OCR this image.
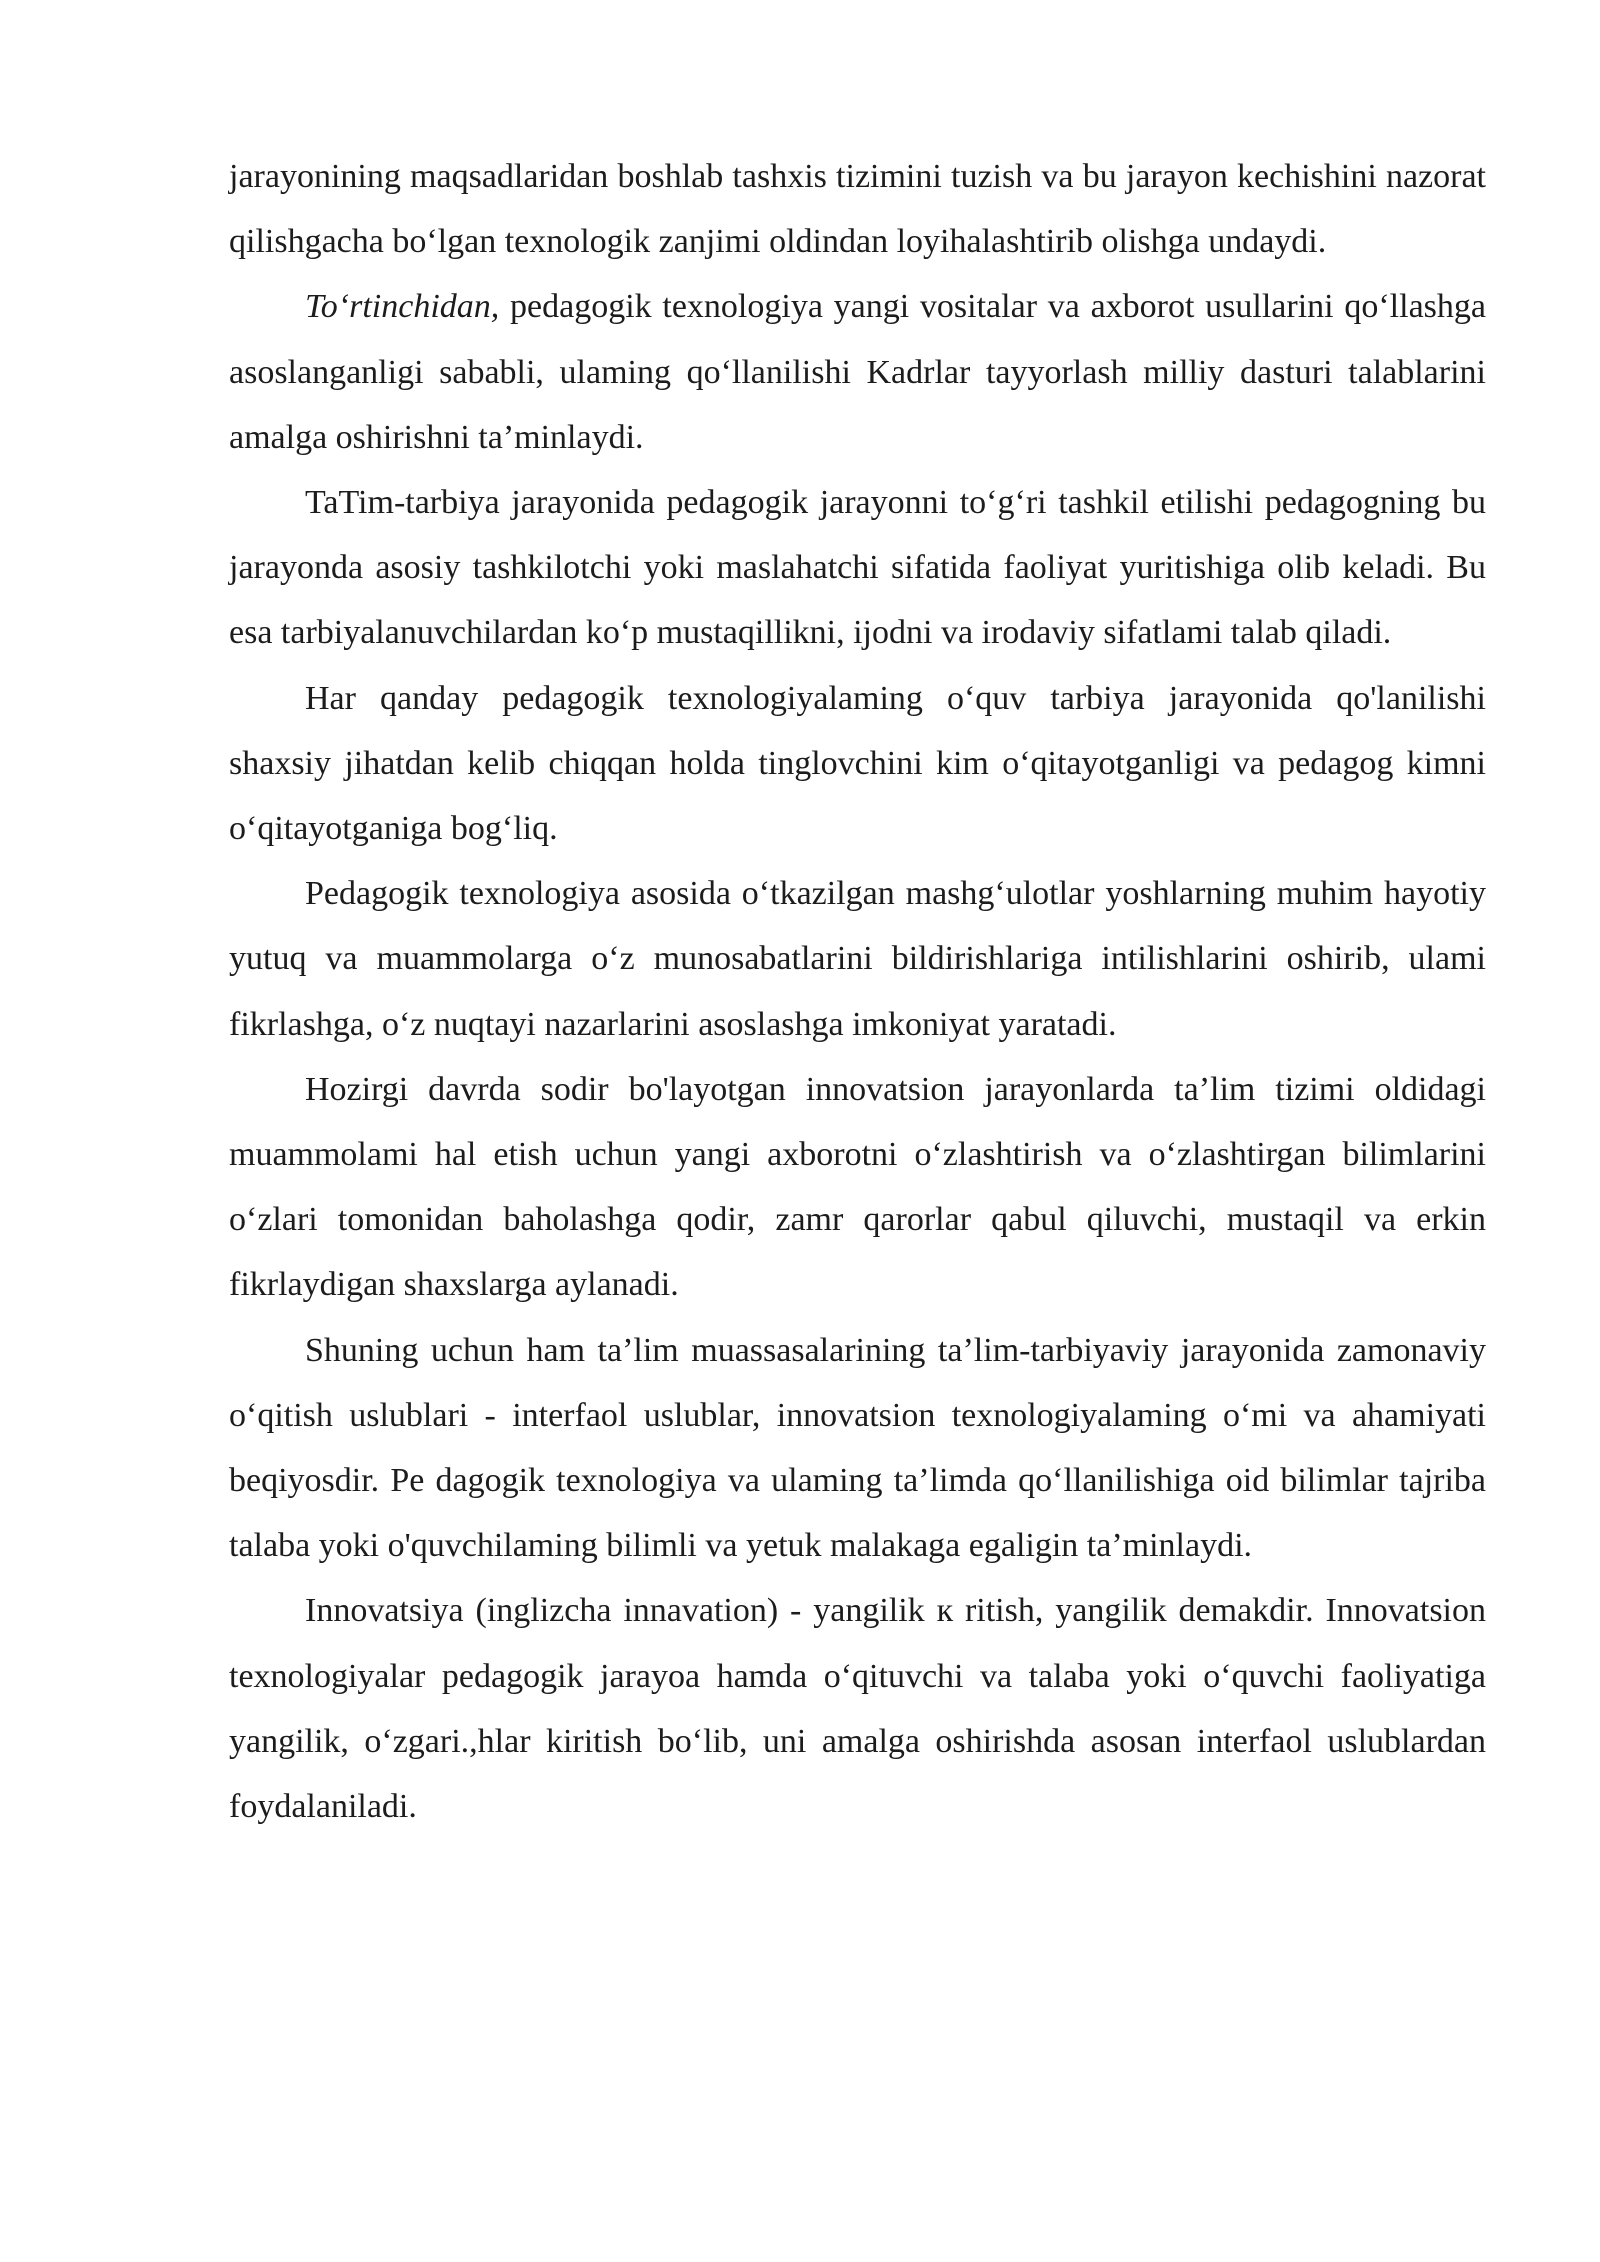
jarayonining maqsadlaridan boshlab tashxis tizimini tuzish va bu jarayon kechishini nazorat qilishgacha bo‘lgan texnologik zanjimi oldindan loyihalashtirib olishga undaydi.

To‘rtinchidan, pedagogik texnologiya yangi vositalar va axborot usullarini qo‘llashga asoslanganligi sababli, ulaming qo‘llanilishi Kadrlar tayyorlash milliy dasturi talablarini amalga oshirishni ta’minlaydi.

TaTim-tarbiya jarayonida pedagogik jarayonni to‘g‘ri tashkil etilishi pedagogning bu jarayonda asosiy tashkilotchi yoki maslahatchi sifatida faoliyat yuritishiga olib keladi. Bu esa tarbiyalanuvchilardan ko‘p mustaqillikni, ijodni va irodaviy sifatlami talab qiladi.

Har qanday pedagogik texnologiyalaming o‘quv tarbiya jarayonida qo'lanilishi shaxsiy jihatdan kelib chiqqan holda tinglovchini kim o‘qitayotganligi va pedagog kimni o‘qitayotganiga bog‘liq.

Pedagogik texnologiya asosida o‘tkazilgan mashg‘ulotlar yoshlarning muhim hayotiy yutuq va muammolarga o‘z munosabatlarini bildirishlariga intilishlarini oshirib, ulami fikrlashga, o‘z nuqtayi nazarlarini asoslashga imkoniyat yaratadi.

Hozirgi davrda sodir bo'layotgan innovatsion jarayonlarda ta’lim tizimi oldidagi muammolami hal etish uchun yangi axborotni o‘zlashtirish va o‘zlashtirgan bilimlarini o‘zlari tomonidan baholashga qodir, zamr qarorlar qabul qiluvchi, mustaqil va erkin fikrlaydigan shaxslarga aylanadi.

Shuning uchun ham ta’lim muassasalarining ta’lim-tarbiyaviy jarayonida zamonaviy o‘qitish uslublari - interfaol uslublar, innovatsion texnologiyalaming o‘mi va ahamiyati beqiyosdir. Pe dagogik texnologiya va ulaming ta’limda qo‘llanilishiga oid bilimlar tajriba talaba yoki o'quvchilaming bilimli va yetuk malakaga egaligin ta’minlaydi.

Innovatsiya (inglizcha innavation) - yangilik к ritish, yangilik demakdir. Innovatsion texnologiyalar pedagogik jarayoa hamda o‘qituvchi va talaba yoki o‘quvchi faoliyatiga yangilik, o‘zgari.,hlar kiritish bo‘lib, uni amalga oshirishda asosan interfaol uslublardan foydalaniladi.
